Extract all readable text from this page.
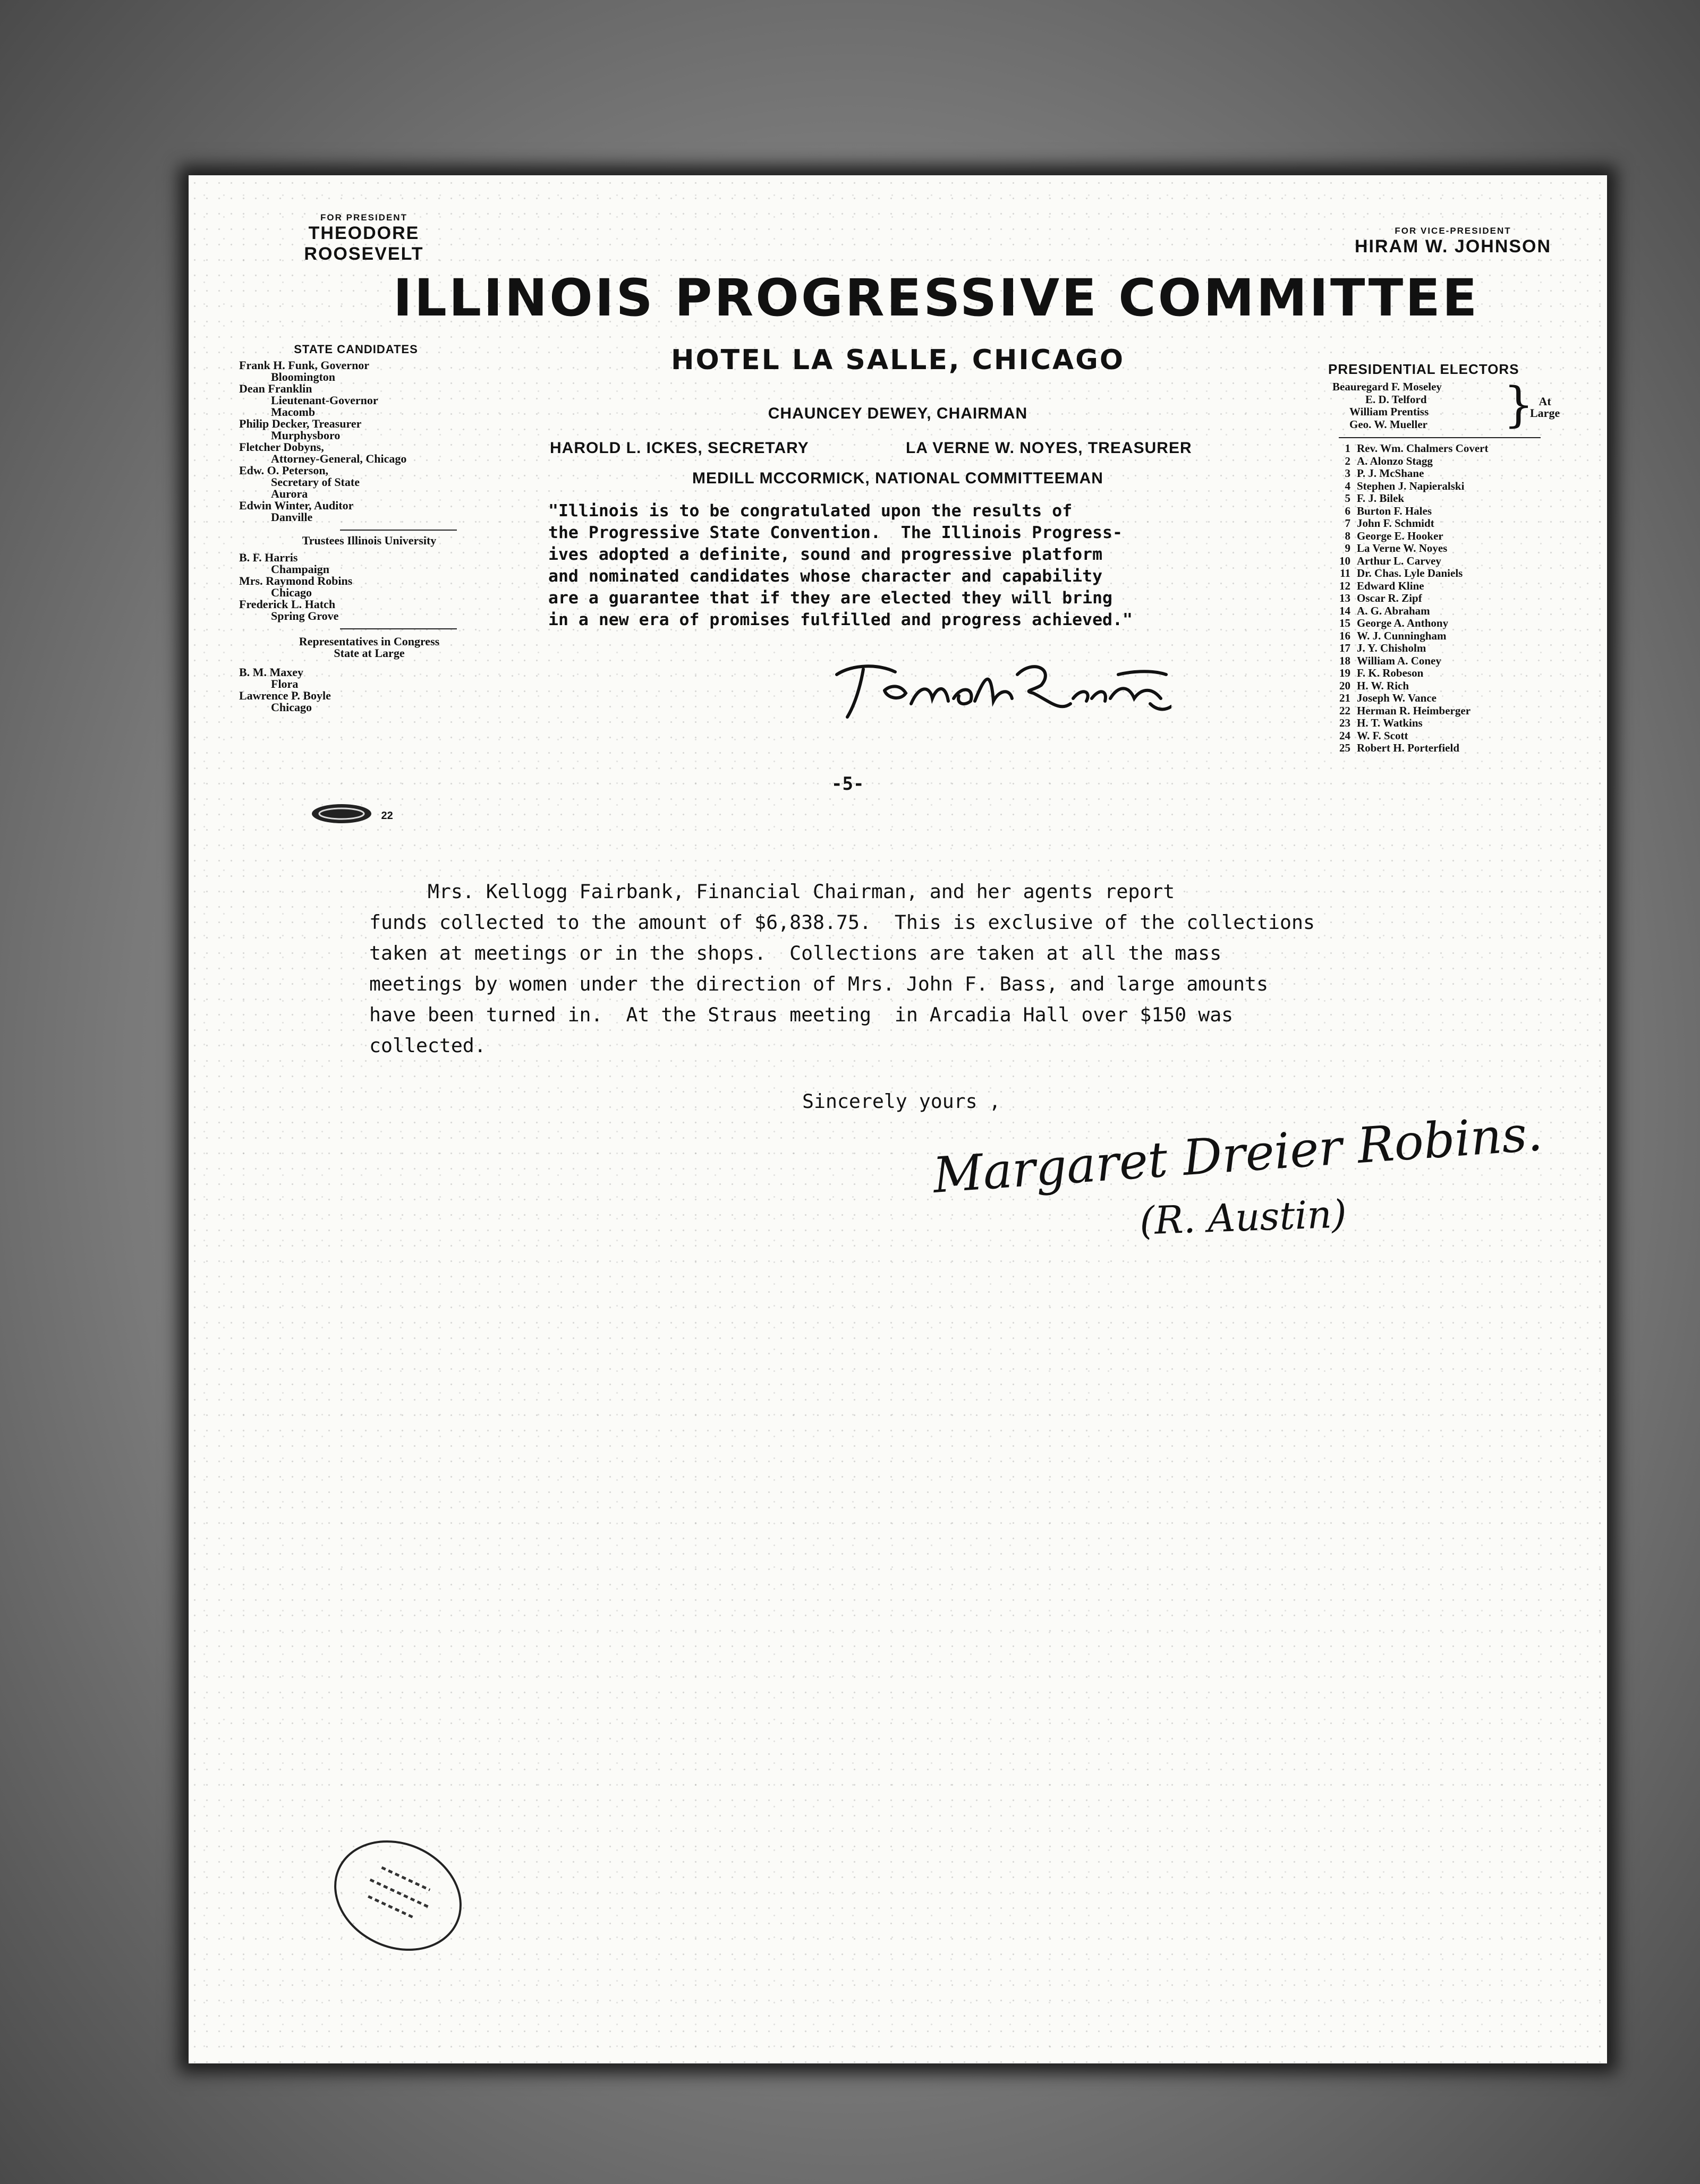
FOR PRESIDENT
THEODORE ROOSEVELT
FOR VICE-PRESIDENT
HIRAM W. JOHNSON
ILLINOIS PROGRESSIVE COMMITTEE
HOTEL LA SALLE, CHICAGO
CHAUNCEY DEWEY, CHAIRMAN
HAROLD L. ICKES, SECRETARY	LA VERNE W. NOYES, TREASURER
MEDILL MCCORMICK, NATIONAL COMMITTEEMAN
"Illinois is to be congratulated upon the results of
the Progressive State Convention.  The Illinois Progress-
ives adopted a definite, sound and progressive platform
and nominated candidates whose character and capability
are a guarantee that if they are elected they will bring
in a new era of promises fulfilled and progress achieved."
-5-
STATE CANDIDATES
Frank H. Funk, Governor
Bloomington
Dean Franklin
Lieutenant-Governor
Macomb
Philip Decker, Treasurer
Murphysboro
Fletcher Dobyns,
Attorney-General, Chicago
Edw. O. Peterson,
Secretary of State
Aurora
Edwin Winter, Auditor
Danville
Trustees Illinois University
B. F. Harris
Champaign
Mrs. Raymond Robins
Chicago
Frederick L. Hatch
Spring Grove
Representatives in Congress
State at Large
B. M. Maxey
Flora
Lawrence P. Boyle
Chicago
22
PRESIDENTIAL ELECTORS
Beauregard F. Moseley
E. D. Telford
William Prentiss
Geo. W. Mueller	} At
Large
1 Rev. Wm. Chalmers Covert
2 A. Alonzo Stagg
3 P. J. McShane
4 Stephen J. Napieralski
5 F. J. Bilek
6 Burton F. Hales
7 John F. Schmidt
8 George E. Hooker
9 La Verne W. Noyes
10 Arthur L. Carvey
11 Dr. Chas. Lyle Daniels
12 Edward Kline
13 Oscar R. Zipf
14 A. G. Abraham
15 George A. Anthony
16 W. J. Cunningham
17 J. Y. Chisholm
18 William A. Coney
19 F. K. Robeson
20 H. W. Rich
21 Joseph W. Vance
22 Herman R. Heimberger
23 H. T. Watkins
24 W. F. Scott
25 Robert H. Porterfield
Mrs. Kellogg Fairbank, Financial Chairman, and her agents report
funds collected to the amount of $6,838.75.  This is exclusive of the collections
taken at meetings or in the shops.  Collections are taken at all the mass
meetings by women under the direction of Mrs. John F. Bass, and large amounts
have been turned in.  At the Straus meeting  in Arcadia Hall over $150 was
collected.
Sincerely yours ,
Margaret Dreier Robins.
(R. Austin)
